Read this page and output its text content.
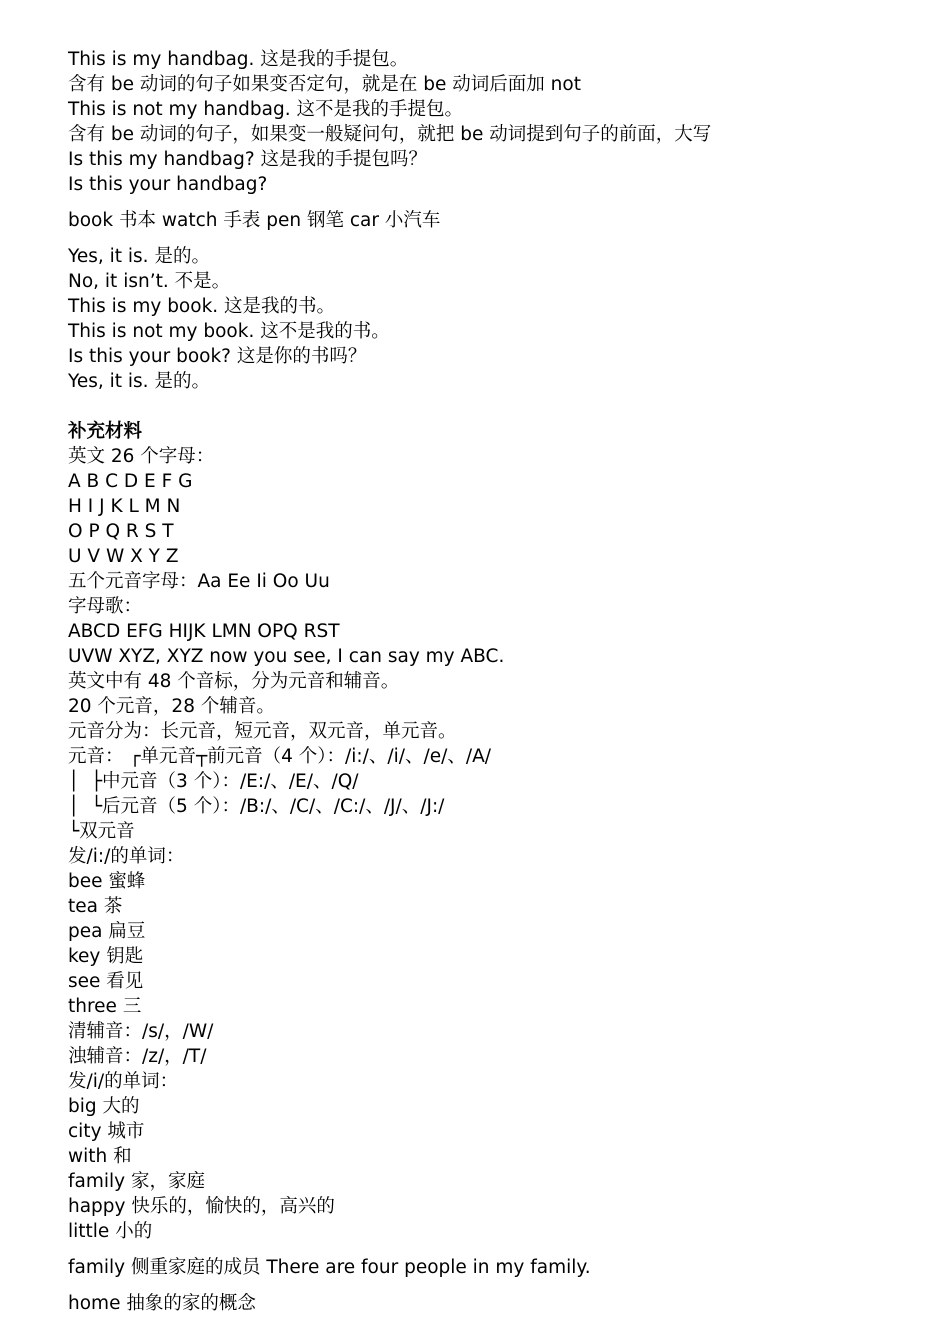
This is my handbag. 这是我的手提包。
含有 be 动词的句子如果变否定句，就是在 be 动词后面加 not
This is not my handbag. 这不是我的手提包。
含有 be 动词的句子，如果变一般疑问句，就把 be 动词提到句子的前面，大写
Is this my handbag? 这是我的手提包吗？
Is this your handbag?
book 书本 watch 手表 pen 钢笔 car 小汽车
Yes, it is. 是的。
No, it isn’t. 不是。
This is my book. 这是我的书。
This is not my book. 这不是我的书。
Is this your book? 这是你的书吗？
Yes, it is. 是的。
补充材料
英文 26 个字母：
A B C D E F G
H I J K L M N
O P Q R S T
U V W X Y Z
五个元音字母：Aa Ee Ii Oo Uu
字母歌：
ABCD EFG HIJK LMN OPQ RST
UVW XYZ, XYZ now you see, I can say my ABC.
英文中有 48 个音标，分为元音和辅音。
20 个元音，28 个辅音。
元音分为：长元音，短元音，双元音，单元音。
元音： ┌单元音┬前元音（4 个）：/i:/、/i/、/e/、/A/
│  ├中元音（3 个）：/E:/、/E/、/Q/
│  └后元音（5 个）：/B:/、/C/、/C:/、/J/、/J:/
└双元音
发/i:/的单词：
bee 蜜蜂
tea 茶
pea 扁豆
key 钥匙
see 看见
three 三
清辅音：/s/，/W/
浊辅音：/z/，/T/
发/i/的单词：
big 大的
city 城市
with 和
family 家，家庭
happy 快乐的，愉快的，高兴的
little 小的
family 侧重家庭的成员 There are four people in my family.
home 抽象的家的概念
